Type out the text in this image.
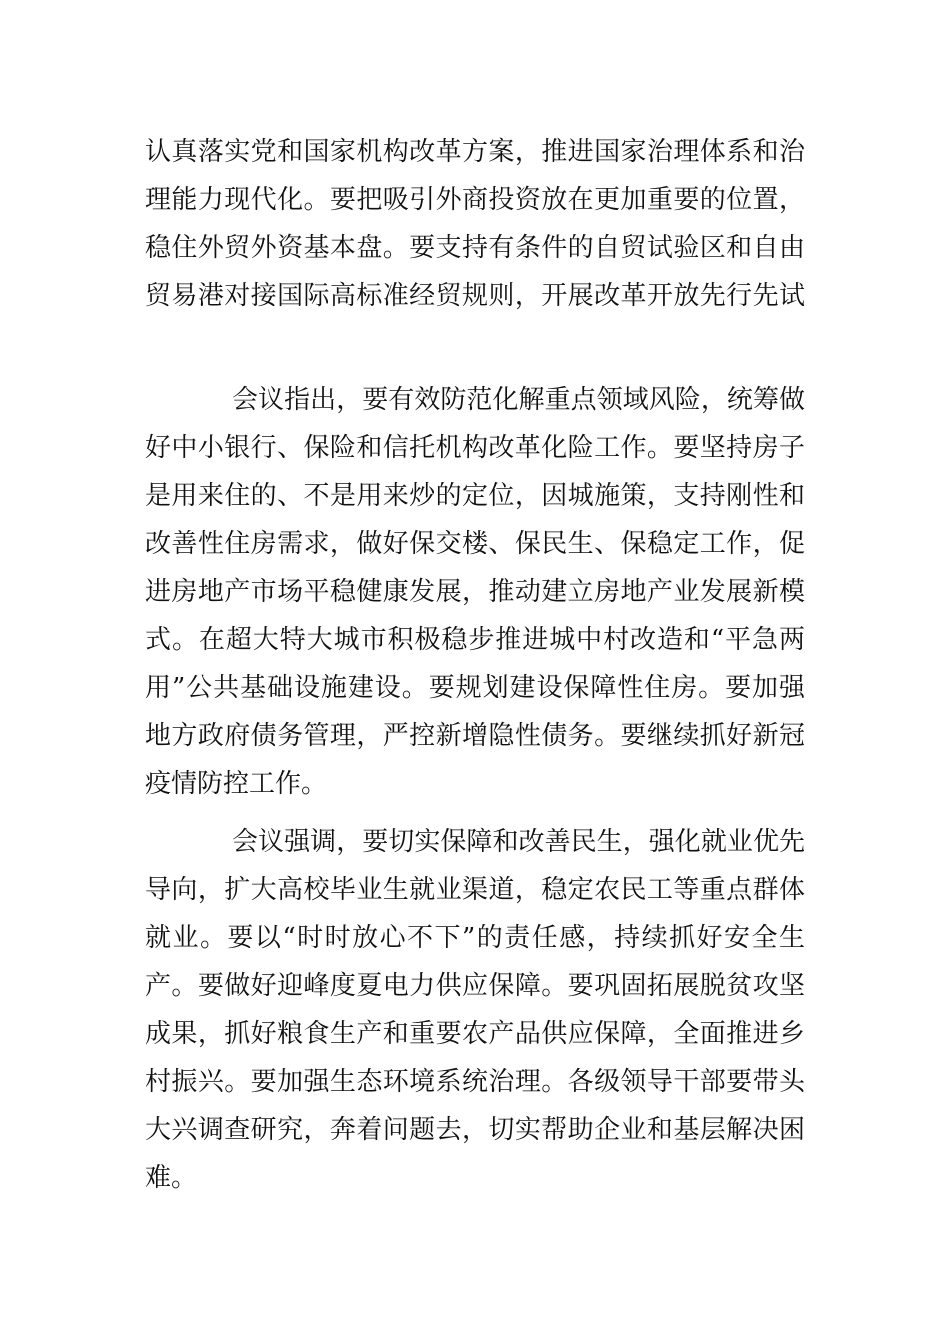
认真落实党和国家机构改革方案，推进国家治理体系和治
理能力现代化。要把吸引外商投资放在更加重要的位置，
稳住外贸外资基本盘。要支持有条件的自贸试验区和自由
贸易港对接国际高标准经贸规则，开展改革开放先行先试
会议指出，要有效防范化解重点领域风险，统筹做
好中小银行、保险和信托机构改革化险工作。要坚持房子
是用来住的、不是用来炒的定位，因城施策，支持刚性和
改善性住房需求，做好保交楼、保民生、保稳定工作，促
进房地产市场平稳健康发展，推动建立房地产业发展新模
式。在超大特大城市积极稳步推进城中村改造和“平急两
用”公共基础设施建设。要规划建设保障性住房。要加强
地方政府债务管理，严控新增隐性债务。要继续抓好新冠
疫情防控工作。
会议强调，要切实保障和改善民生，强化就业优先
导向，扩大高校毕业生就业渠道，稳定农民工等重点群体
就业。要以“时时放心不下”的责任感，持续抓好安全生
产。要做好迎峰度夏电力供应保障。要巩固拓展脱贫攻坚
成果，抓好粮食生产和重要农产品供应保障，全面推进乡
村振兴。要加强生态环境系统治理。各级领导干部要带头
大兴调查研究，奔着问题去，切实帮助企业和基层解决困
难。
